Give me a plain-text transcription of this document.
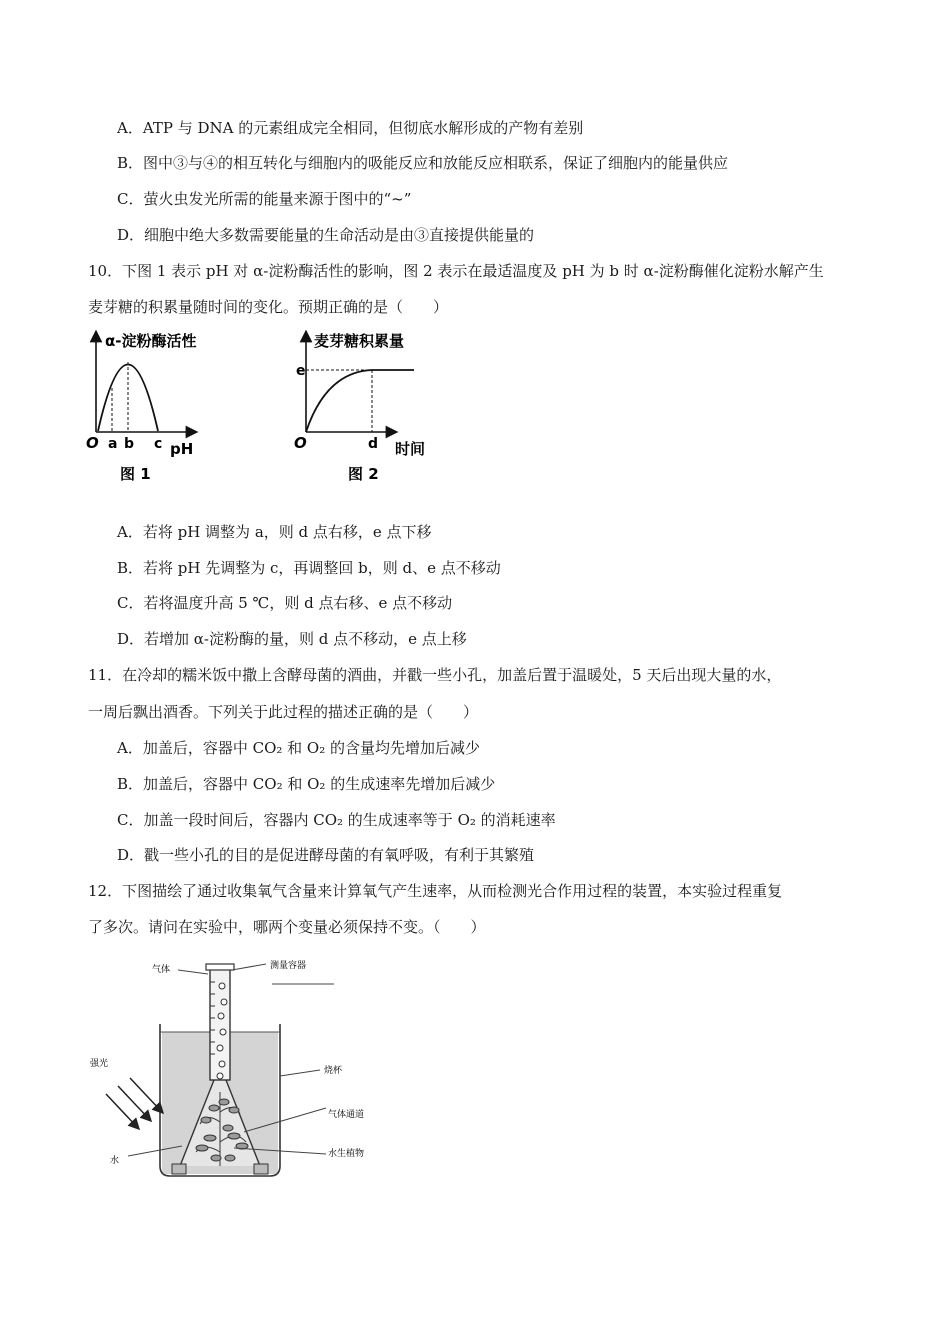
A．ATP 与 DNA 的元素组成完全相同，但彻底水解形成的产物有差别
B．图中③与④的相互转化与细胞内的吸能反应和放能反应相联系，保证了细胞内的能量供应
C．萤火虫发光所需的能量来源于图中的“~”
D．细胞中绝大多数需要能量的生命活动是由③直接提供能量的
10．下图 1 表示 pH 对 α-淀粉酶活性的影响，图 2 表示在最适温度及 pH 为 b 时 α-淀粉酶催化淀粉水解产生
麦芽糖的积累量随时间的变化。预期正确的是（　　）
α-淀粉酶活性
O a b c pH
图 1
麦芽糖积累量
e
O	d 时间
图 2
A．若将 pH 调整为 a，则 d 点右移，e 点下移
B．若将 pH 先调整为 c，再调整回 b，则 d、e 点不移动
C．若将温度升高 5 ℃，则 d 点右移、e 点不移动
D．若增加 α-淀粉酶的量，则 d 点不移动，e 点上移
11．在冷却的糯米饭中撒上含酵母菌的酒曲，并戳一些小孔，加盖后置于温暖处，5 天后出现大量的水，
一周后飘出酒香。下列关于此过程的描述正确的是（　　）
A．加盖后，容器中 CO₂ 和 O₂ 的含量均先增加后减少
B．加盖后，容器中 CO₂ 和 O₂ 的生成速率先增加后减少
C．加盖一段时间后，容器内 CO₂ 的生成速率等于 O₂ 的消耗速率
D．戳一些小孔的目的是促进酵母菌的有氧呼吸，有利于其繁殖
12．下图描绘了通过收集氧气含量来计算氧气产生速率，从而检测光合作用过程的装置，本实验过程重复
了多次。请问在实验中，哪两个变量必须保持不变。（　　）
气体	测量容器
强光
烧杯
气体通道
水
水生植物
